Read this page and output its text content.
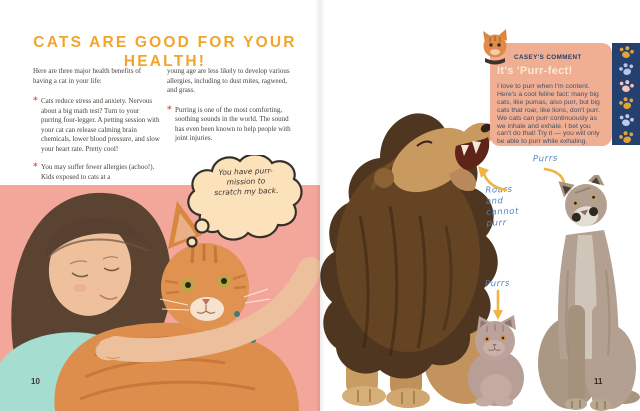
CATS ARE GOOD FOR YOUR HEALTH!

Here are three major health benefits of having a cat in your life:

* Cats reduce stress and anxiety. Nervous about a big math test? Turn to your purring four-legger. A petting session with your cat can release calming brain chemicals, lower blood pressure, and slow your heart rate. Pretty cool!

* You may suffer fewer allergies (achoo!). Kids exposed to cats at a

young age are less likely to develop various allergies, including to dust mites, ragweed, and grass.

* Purring is one of the most comforting, soothing sounds in the world. The sound has even been known to help people with joint injuries.

You have purr-mission to scratch my back.
10
CASEY'S COMMENT
It's 'Purr-fect!

I love to purr when I'm content. Here's a cool feline fact: many big cats, like pumas, also purr, but big cats that roar, like lions, don't purr. We cats can purr continuously as we inhale and exhale. I bet you can't do that! Try it — you will only be able to purr while exhaling.

Purrs
Roars and cannot purr
Purrs
11
